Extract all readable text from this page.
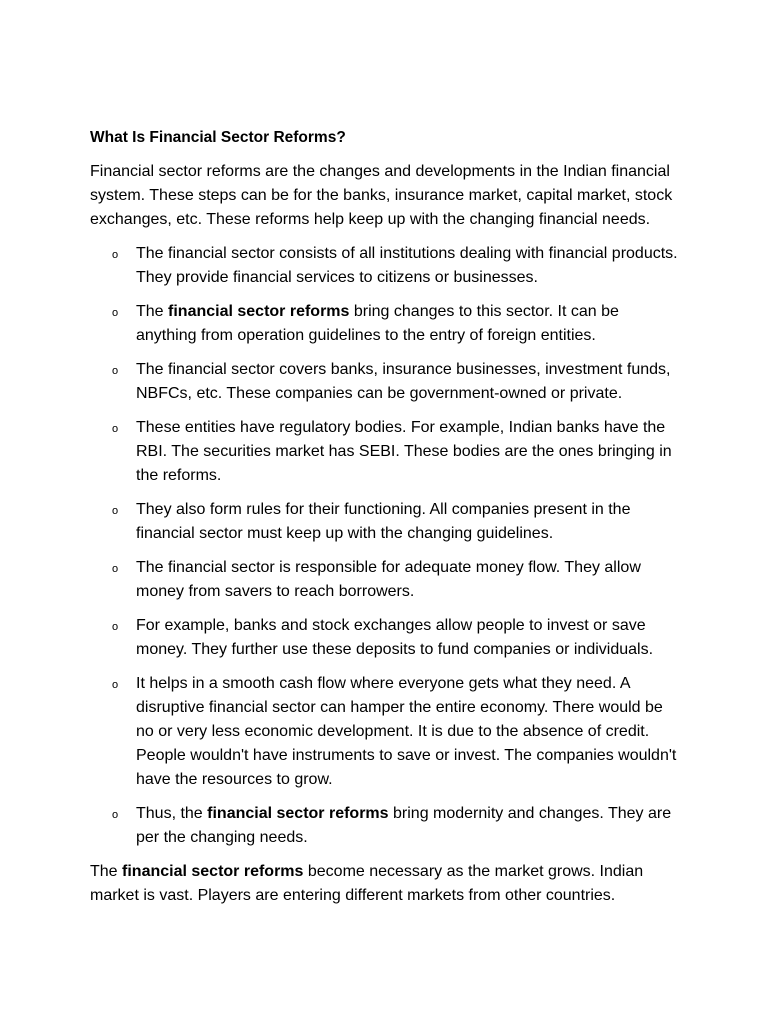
What Is Financial Sector Reforms?

Financial sector reforms are the changes and developments in the Indian financial system. These steps can be for the banks, insurance market, capital market, stock exchanges, etc. These reforms help keep up with the changing financial needs.

o The financial sector consists of all institutions dealing with financial products. They provide financial services to citizens or businesses.
o The financial sector reforms bring changes to this sector. It can be anything from operation guidelines to the entry of foreign entities.
o The financial sector covers banks, insurance businesses, investment funds, NBFCs, etc. These companies can be government-owned or private.
o These entities have regulatory bodies. For example, Indian banks have the RBI. The securities market has SEBI. These bodies are the ones bringing in the reforms.
o They also form rules for their functioning. All companies present in the financial sector must keep up with the changing guidelines.
o The financial sector is responsible for adequate money flow. They allow money from savers to reach borrowers.
o For example, banks and stock exchanges allow people to invest or save money. They further use these deposits to fund companies or individuals.
o It helps in a smooth cash flow where everyone gets what they need. A disruptive financial sector can hamper the entire economy. There would be no or very less economic development. It is due to the absence of credit. People wouldn't have instruments to save or invest. The companies wouldn't have the resources to grow.
o Thus, the financial sector reforms bring modernity and changes. They are per the changing needs.

The financial sector reforms become necessary as the market grows. Indian market is vast. Players are entering different markets from other countries.
